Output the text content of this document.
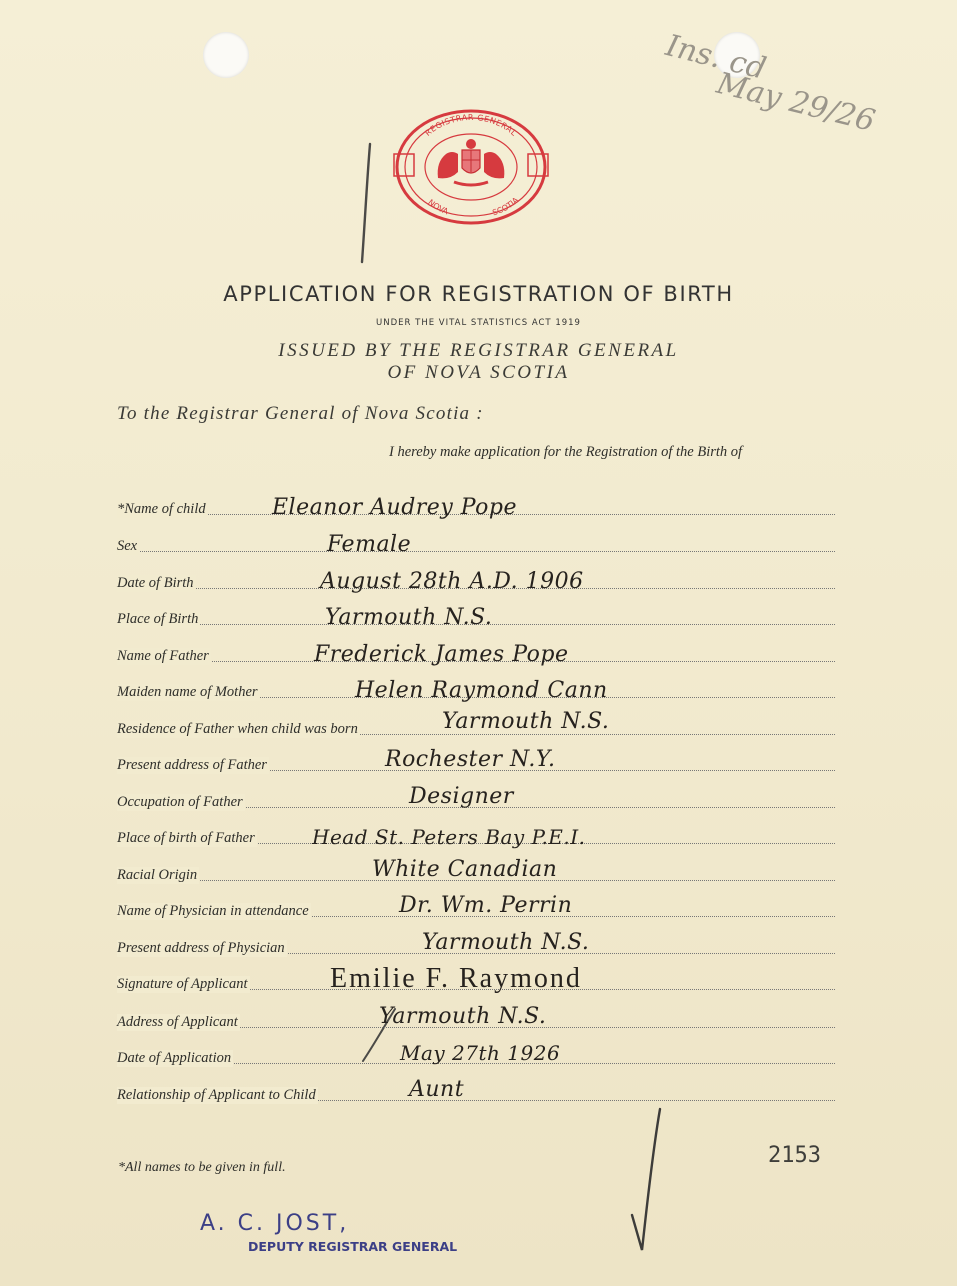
Ins. cd
May 29/26
REGISTRAR GENERAL
NOVA	SCOTIA
APPLICATION FOR REGISTRATION OF BIRTH
UNDER THE VITAL STATISTICS ACT 1919
ISSUED BY THE REGISTRAR GENERAL
OF NOVA SCOTIA
To the Registrar General of Nova Scotia :
I hereby make application for the Registration of the Birth of
*Name of child	Eleanor Audrey Pope
Sex	Female
Date of Birth	August 28th A.D. 1906
Place of Birth	Yarmouth N.S.
Name of Father	Frederick James Pope
Maiden name of Mother	Helen Raymond Cann
Residence of Father when child was born	Yarmouth N.S.
Present address of Father	Rochester N.Y.
Occupation of Father	Designer
Place of birth of Father	Head St. Peters Bay P.E.I.
Racial Origin	White Canadian
Name of Physician in attendance	Dr. Wm. Perrin
Present address of Physician	Yarmouth N.S.
Signature of Applicant	Emilie F. Raymond
Address of Applicant	Yarmouth N.S.
Date of Application	May 27th 1926
Relationship of Applicant to Child	Aunt
*All names to be given in full.	2153
A. C. JOST,
DEPUTY REGISTRAR GENERAL
